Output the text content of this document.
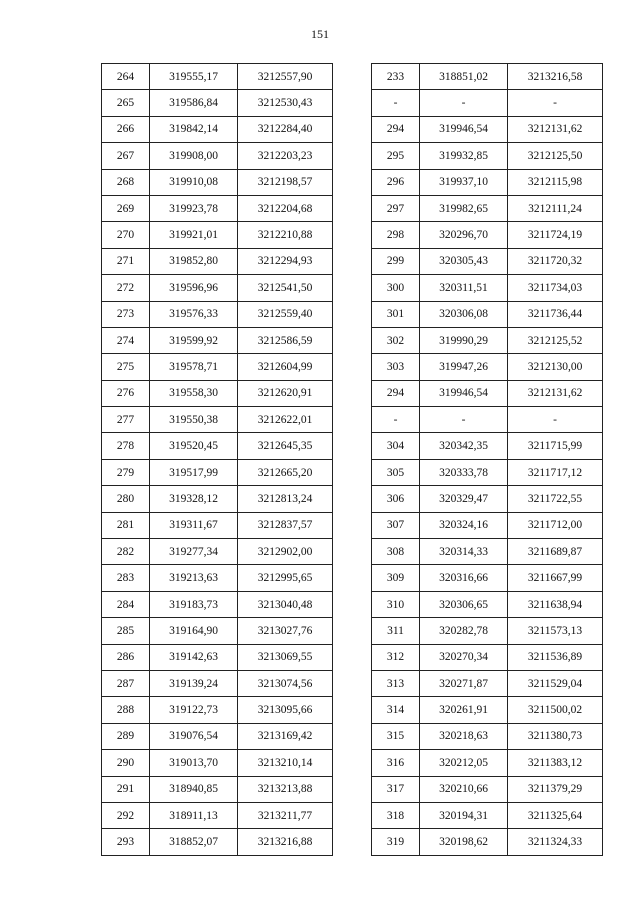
151
264	319555,17	3212557,90
265	319586,84	3212530,43
266	319842,14	3212284,40
267	319908,00	3212203,23
268	319910,08	3212198,57
269	319923,78	3212204,68
270	319921,01	3212210,88
271	319852,80	3212294,93
272	319596,96	3212541,50
273	319576,33	3212559,40
274	319599,92	3212586,59
275	319578,71	3212604,99
276	319558,30	3212620,91
277	319550,38	3212622,01
278	319520,45	3212645,35
279	319517,99	3212665,20
280	319328,12	3212813,24
281	319311,67	3212837,57
282	319277,34	3212902,00
283	319213,63	3212995,65
284	319183,73	3213040,48
285	319164,90	3213027,76
286	319142,63	3213069,55
287	319139,24	3213074,56
288	319122,73	3213095,66
289	319076,54	3213169,42
290	319013,70	3213210,14
291	318940,85	3213213,88
292	318911,13	3213211,77
293	318852,07	3213216,88
233	318851,02	3213216,58
-	-	-
294	319946,54	3212131,62
295	319932,85	3212125,50
296	319937,10	3212115,98
297	319982,65	3212111,24
298	320296,70	3211724,19
299	320305,43	3211720,32
300	320311,51	3211734,03
301	320306,08	3211736,44
302	319990,29	3212125,52
303	319947,26	3212130,00
294	319946,54	3212131,62
-	-	-
304	320342,35	3211715,99
305	320333,78	3211717,12
306	320329,47	3211722,55
307	320324,16	3211712,00
308	320314,33	3211689,87
309	320316,66	3211667,99
310	320306,65	3211638,94
311	320282,78	3211573,13
312	320270,34	3211536,89
313	320271,87	3211529,04
314	320261,91	3211500,02
315	320218,63	3211380,73
316	320212,05	3211383,12
317	320210,66	3211379,29
318	320194,31	3211325,64
319	320198,62	3211324,33
